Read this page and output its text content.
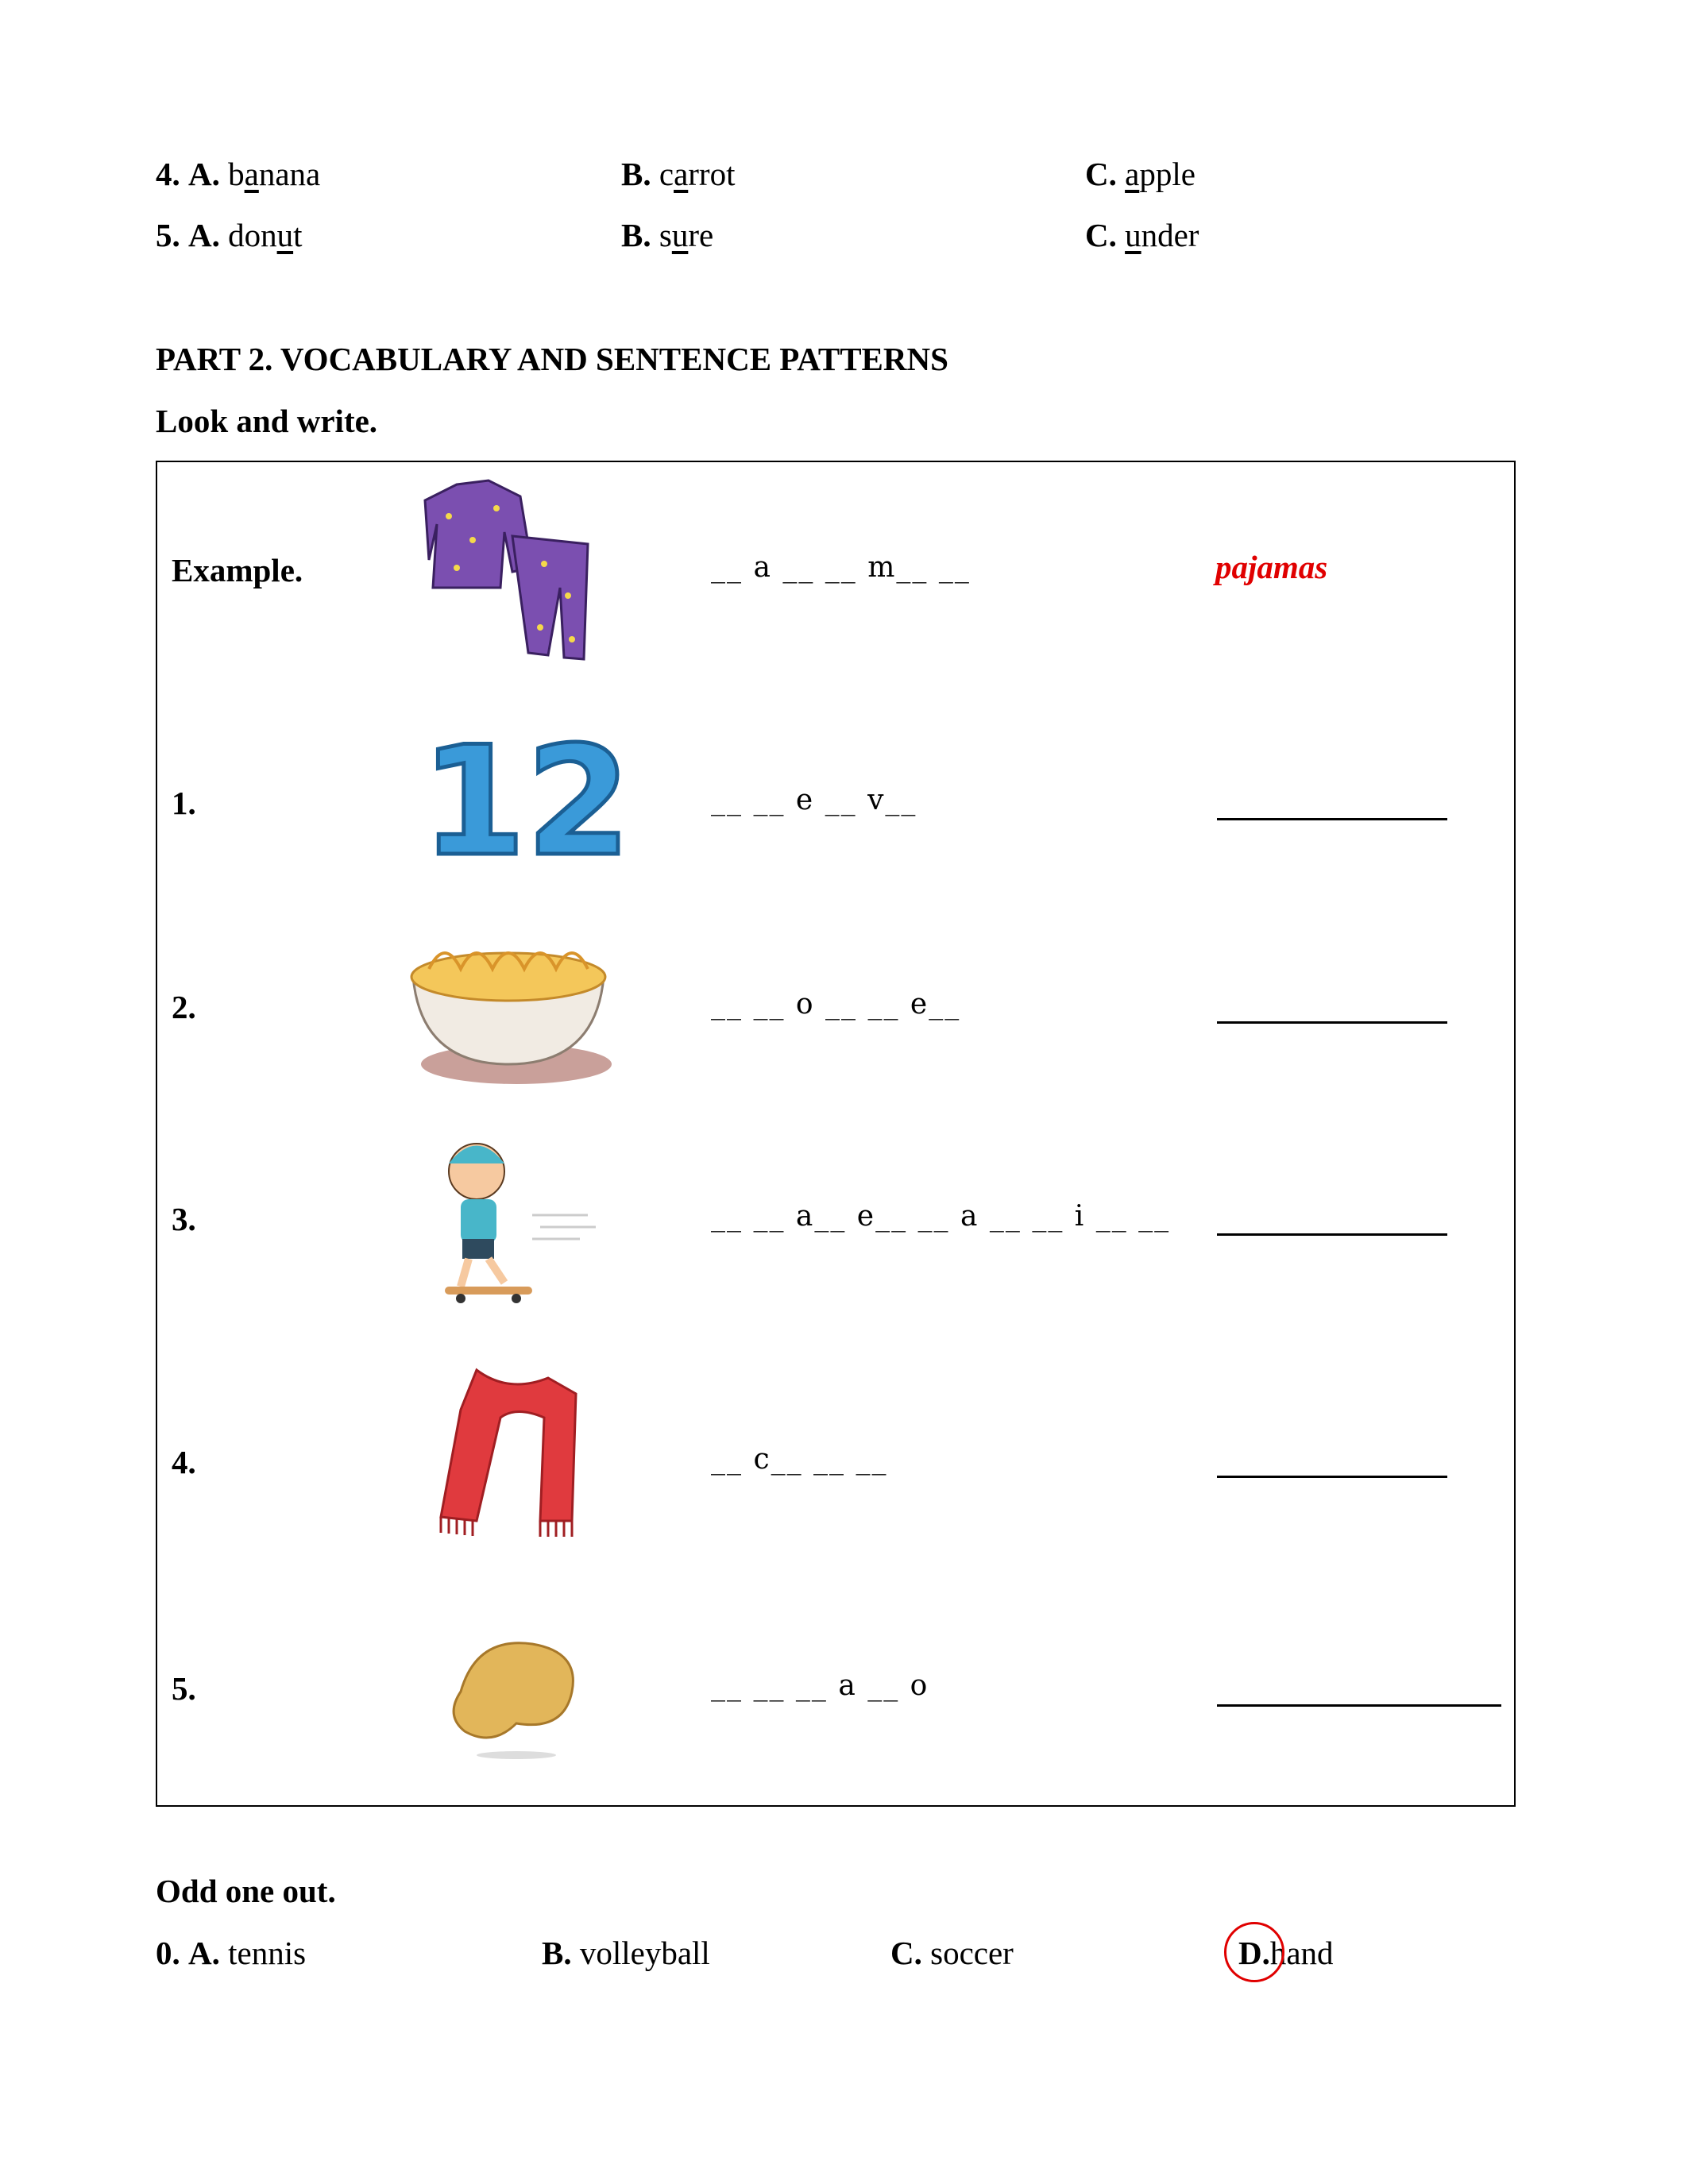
4. A. banana	B. carrot	C. apple
5. A. donut	B. sure	C. under
PART 2. VOCABULARY AND SENTENCE PATTERNS
Look and write.
Example.	__ a __ __ m__ __	pajamas
1.	__ __ e __ v__
2.	__ __ o __ __ e__
3.	__ __ a__ e__ __ a __ __ i __ __
4.	__ c__ __ __
5.	__ __ __ a __ o
12
Odd one out.
0. A. tennis	B. volleyball	C. soccer	D.hand
